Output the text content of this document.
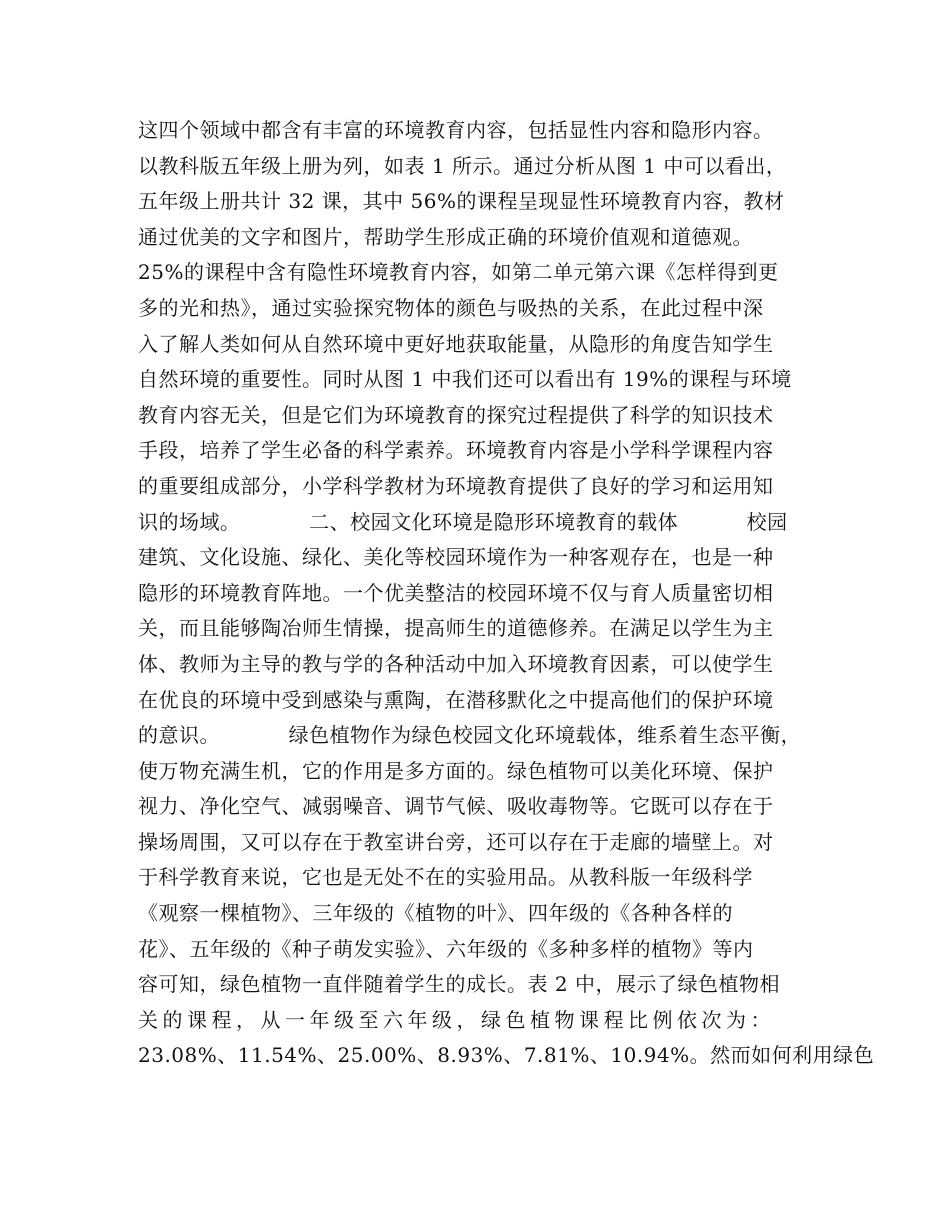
这四个领域中都含有丰富的环境教育内容，包括显性内容和隐形内容。
以教科版五年级上册为列，如表 1 所示。通过分析从图 1 中可以看出，
五年级上册共计 32 课，其中 56%的课程呈现显性环境教育内容，教材
通过优美的文字和图片，帮助学生形成正确的环境价值观和道德观。
25%的课程中含有隐性环境教育内容，如第二单元第六课《怎样得到更
多的光和热》，通过实验探究物体的颜色与吸热的关系，在此过程中深
入了解人类如何从自然环境中更好地获取能量，从隐形的角度告知学生
自然环境的重要性。同时从图 1 中我们还可以看出有 19%的课程与环境
教育内容无关，但是它们为环境教育的探究过程提供了科学的知识技术
手段，培养了学生必备的科学素养。环境教育内容是小学科学课程内容
的重要组成部分，小学科学教材为环境教育提供了良好的学习和运用知
识的场域。          二、校园文化环境是隐形环境教育的载体          校园
建筑、文化设施、绿化、美化等校园环境作为一种客观存在，也是一种
隐形的环境教育阵地。一个优美整洁的校园环境不仅与育人质量密切相
关，而且能够陶冶师生情操，提高师生的道德修养。在满足以学生为主
体、教师为主导的教与学的各种活动中加入环境教育因素，可以使学生
在优良的环境中受到感染与熏陶，在潜移默化之中提高他们的保护环境
的意识。          绿色植物作为绿色校园文化环境载体，维系着生态平衡，
使万物充满生机，它的作用是多方面的。绿色植物可以美化环境、保护
视力、净化空气、减弱噪音、调节气候、吸收毒物等。它既可以存在于
操场周围，又可以存在于教室讲台旁，还可以存在于走廊的墙壁上。对
于科学教育来说，它也是无处不在的实验用品。从教科版一年级科学
《观察一棵植物》、三年级的《植物的叶》、四年级的《各种各样的
花》、五年级的《种子萌发实验》、六年级的《多种多样的植物》等内
容可知，绿色植物一直伴随着学生的成长。表 2 中，展示了绿色植物相
关的课程，从一年级至六年级，绿色植物课程比例依次为：
23.08%、11.54%、25.00%、8.93%、7.81%、10.94%。然而如何利用绿色
